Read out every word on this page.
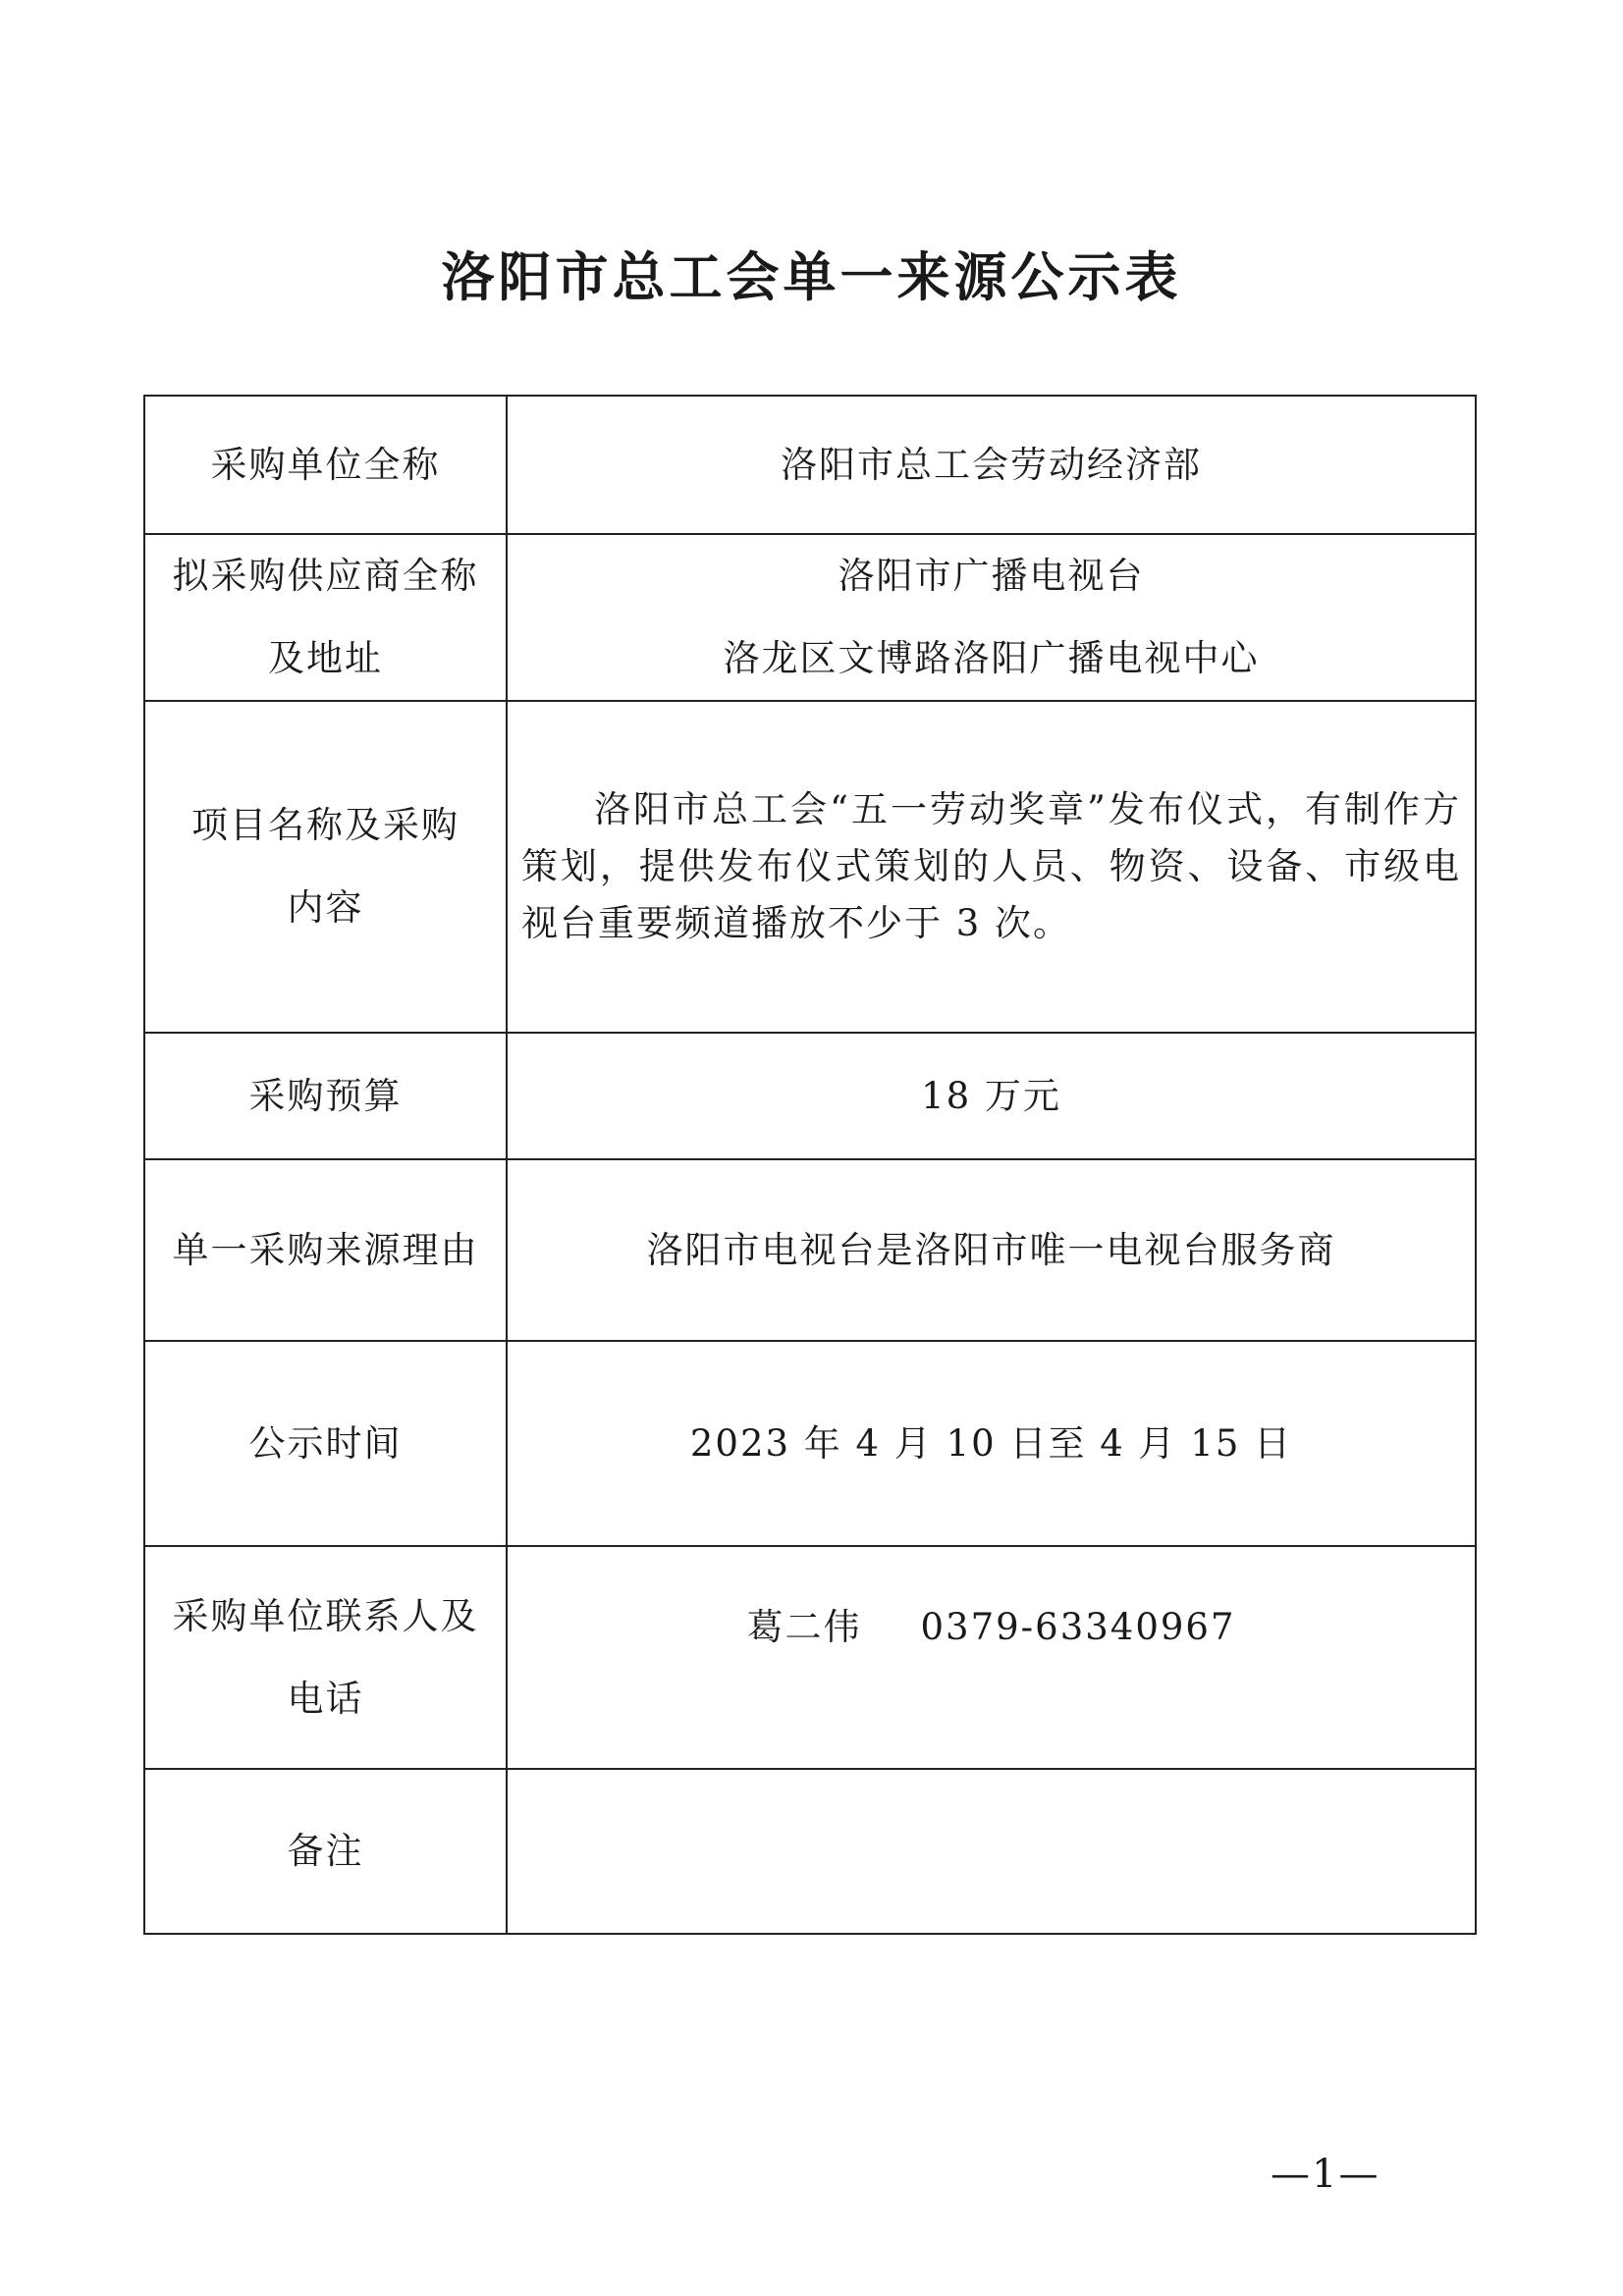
洛阳市总工会单一来源公示表
采购单位全称	洛阳市总工会劳动经济部

拟采购供应商全称
及地址	洛阳市广播电视台
洛龙区文博路洛阳广播电视中心

项目名称及采购
内容	洛阳市总工会“五一劳动奖章”发布仪式，有制作方策划，提供发布仪式策划的人员、物资、设备、市级电视台重要频道播放不少于 3 次。
采购预算	18 万元
单一采购来源理由	洛阳市电视台是洛阳市唯一电视台服务商
公示时间	2023 年 4 月 10 日至 4 月 15 日

采购单位联系人及
电话	葛二伟 0379-63340967
备注	
—1—
